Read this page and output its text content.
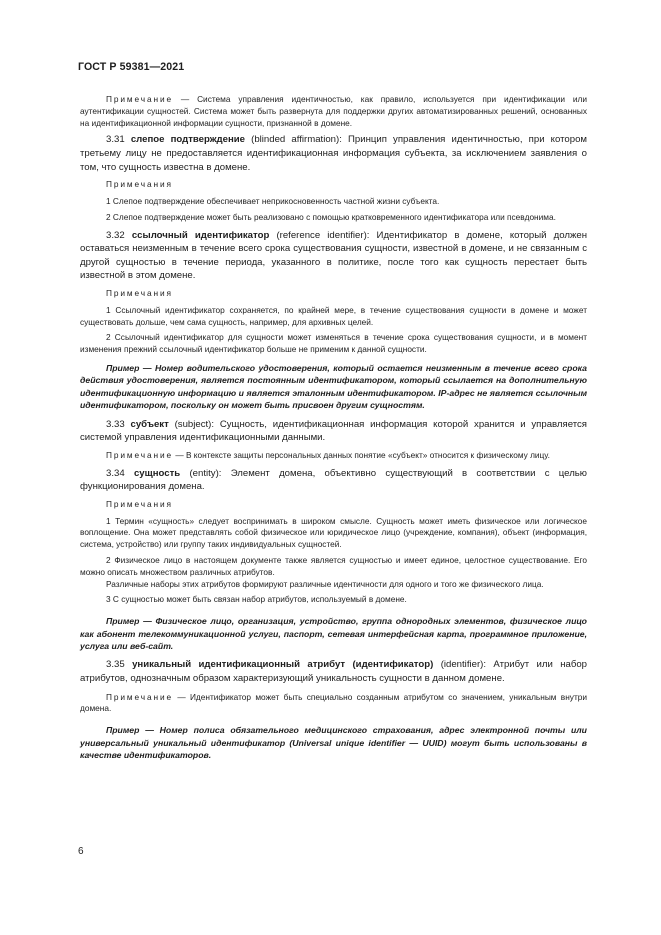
ГОСТ Р 59381—2021

Примечание — Система управления идентичностью, как правило, используется при идентификации или аутентификации сущностей. Система может быть развернута для поддержки других автоматизированных решений, основанных на идентификационной информации сущности, признанной в домене.

3.31 слепое подтверждение (blinded affirmation): Принцип управления идентичностью, при котором третьему лицу не предоставляется идентификационная информация субъекта, за исключением заявления о том, что сущность известна в домене.

Примечания

1 Слепое подтверждение обеспечивает неприкосновенность частной жизни субъекта.

2 Слепое подтверждение может быть реализовано с помощью кратковременного идентификатора или псевдонима.

3.32 ссылочный идентификатор (reference identifier): Идентификатор в домене, который должен оставаться неизменным в течение всего срока существования сущности, известной в домене, и не связанным с другой сущностью в течение периода, указанного в политике, после того как сущность перестает быть известной в этом домене.

Примечания

1 Ссылочный идентификатор сохраняется, по крайней мере, в течение существования сущности в домене и может существовать дольше, чем сама сущность, например, для архивных целей.

2 Ссылочный идентификатор для сущности может изменяться в течение срока существования сущности, и в момент изменения прежний ссылочный идентификатор больше не применим к данной сущности.

Пример — Номер водительского удостоверения, который остается неизменным в течение всего срока действия удостоверения, является постоянным идентификатором, который ссылается на дополнительную идентификационную информацию и является эталонным идентификатором. IP-адрес не является ссылочным идентификатором, поскольку он может быть присвоен другим сущностям.

3.33 субъект (subject): Сущность, идентификационная информация которой хранится и управляется системой управления идентификационными данными.

Примечание — В контексте защиты персональных данных понятие «субъект» относится к физическому лицу.

3.34 сущность (entity): Элемент домена, объективно существующий в соответствии с целью функционирования домена.

Примечания

1 Термин «сущность» следует воспринимать в широком смысле. Сущность может иметь физическое или логическое воплощение. Она может представлять собой физическое или юридическое лицо (учреждение, компания), объект (информация, система, устройство) или группу таких индивидуальных сущностей.

2 Физическое лицо в настоящем документе также является сущностью и имеет единое, целостное существование. Его можно описать множеством различных атрибутов.

Различные наборы этих атрибутов формируют различные идентичности для одного и того же физического лица.

3 С сущностью может быть связан набор атрибутов, используемый в домене.

Пример — Физическое лицо, организация, устройство, группа однородных элементов, физическое лицо как абонент телекоммуникационной услуги, паспорт, сетевая интерфейсная карта, программное приложение, услуга или веб-сайт.

3.35 уникальный идентификационный атрибут (идентификатор) (identifier): Атрибут или набор атрибутов, однозначным образом характеризующий уникальность сущности в данном домене.

Примечание — Идентификатор может быть специально созданным атрибутом со значением, уникальным внутри домена.

Пример — Номер полиса обязательного медицинского страхования, адрес электронной почты или универсальный уникальный идентификатор (Universal unique identifier — UUID) могут быть использованы в качестве идентификаторов.

6
